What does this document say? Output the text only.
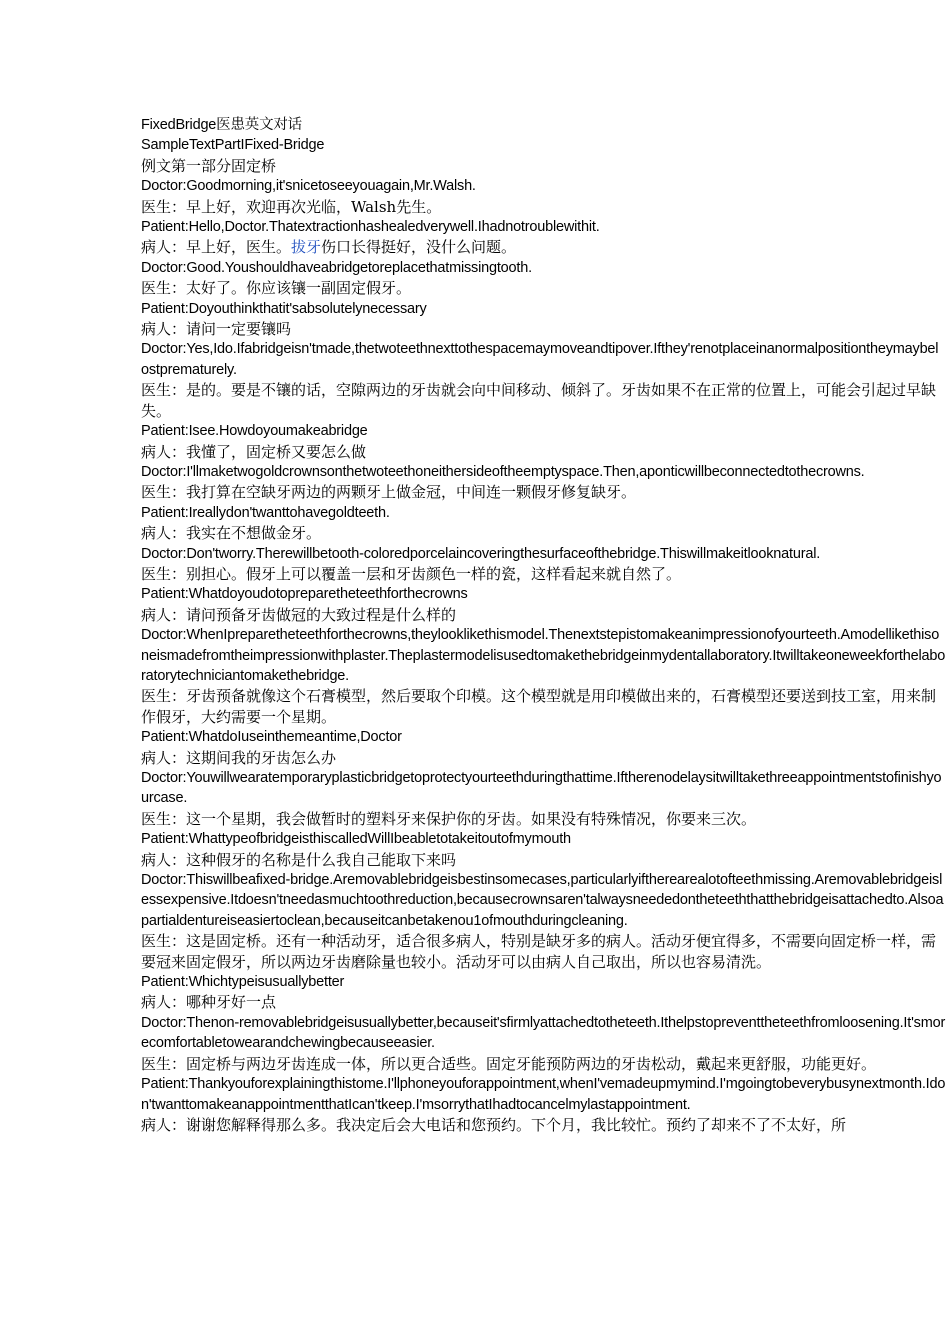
FixedBridge医患英文对话

SampleTextPartIFixed-Bridge

例文第一部分固定桥

Doctor:Goodmorning,it'snicetoseeyouagain,Mr.Walsh.

医生：早上好，欢迎再次光临，Walsh先生。

Patient:Hello,Doctor.Thatextractionhashealedverywell.Ihadnotroublewithit.

病人：早上好，医生。拔牙伤口长得挺好，没什么问题。

Doctor:Good.Youshouldhaveabridgetoreplacethatmissingtooth.

医生：太好了。你应该镶一副固定假牙。

Patient:Doyouthinkthatit'sabsolutelynecessary

病人：请问一定要镶吗

Doctor:Yes,Ido.Ifabridgeisn'tmade,thetwoteethnexttothespacemaymoveandtipover.Ifthey'renotplaceinanormalpositiontheymaybelostprematurely.

医生：是的。要是不镶的话，空隙两边的牙齿就会向中间移动、倾斜了。牙齿如果不在正常的位置上，可能会引起过早缺失。

Patient:Isee.Howdoyoumakeabridge

病人：我懂了，固定桥又要怎么做

Doctor:I'llmaketwogoldcrownsonthetwoteethoneithersideoftheemptyspace.Then,aponticwillbeconnectedtothecrowns.

医生：我打算在空缺牙两边的两颗牙上做金冠，中间连一颗假牙修复缺牙。

Patient:Ireallydon'twanttohavegoldteeth.

病人：我实在不想做金牙。

Doctor:Don'tworry.Therewillbetooth-coloredporcelaincoveringthesurfaceofthebridge.Thiswillmakeitlooknatural.

医生：别担心。假牙上可以覆盖一层和牙齿颜色一样的瓷，这样看起来就自然了。

Patient:Whatdoyoudotopreparetheteethforthecrowns

病人：请问预备牙齿做冠的大致过程是什么样的

Doctor:WhenIpreparetheteethforthecrowns,theylooklikethismodel.Thenextstepistomakeanimpressionofyourteeth.Amodellikethisoneismadefromtheimpressionwithplaster.Theplastermodelisusedtomakethebridgeinmydentallaboratory.Itwilltakeoneweekforthelaboratorytechniciantomakethebridge.

医生：牙齿预备就像这个石膏模型，然后要取个印模。这个模型就是用印模做出来的，石膏模型还要送到技工室，用来制作假牙，大约需要一个星期。

Patient:WhatdoIuseinthemeantime,Doctor

病人：这期间我的牙齿怎么办

Doctor:Youwillwearatemporaryplasticbridgetoprotectyourteethduringthattime.Iftherenodelaysitwilltakethreeappointmentstofinishyourcase.

医生：这一个星期，我会做暂时的塑料牙来保护你的牙齿。如果没有特殊情况，你要来三次。

Patient:WhattypeofbridgeisthiscalledWillIbeabletotakeitoutofmymouth

病人：这种假牙的名称是什么我自己能取下来吗

Doctor:Thiswillbeafixed-bridge.Aremovablebridgeisbestinsomecases,particularlyiftherearealotofteethmissing.Aremovablebridgeislessexpensive.Itdoesn'tneedasmuchtoothreduction,becausecrownsaren'talwaysneededontheteeththatthebridgeisattachedto.Alsoapartialdentureiseasiertoclean,becauseitcanbetakenou1ofmouthduringcleaning.

医生：这是固定桥。还有一种活动牙，适合很多病人，特别是缺牙多的病人。活动牙便宜得多，不需要向固定桥一样，需要冠来固定假牙，所以两边牙齿磨除量也较小。活动牙可以由病人自己取出，所以也容易清洗。

Patient:Whichtypeisusuallybetter

病人：哪种牙好一点

Doctor:Thenon-removablebridgeisusuallybetter,becauseit'sfirmlyattachedtotheteeth.Ithelpstopreventtheteethfromloosening.It'smorecomfortabletowearandchewingbecauseeasier.

医生：固定桥与两边牙齿连成一体，所以更合适些。固定牙能预防两边的牙齿松动，戴起来更舒服，功能更好。

Patient:Thankyouforexplainingthistome.I'llphoneyouforappointment,whenI'vemadeupmymind.I'mgoingtobeverybusynextmonth.Idon'twanttomakeanappointmentthatIcan'tkeep.I'msorrythatIhadtocancelmylastappointment.

病人：谢谢您解释得那么多。我决定后会大电话和您预约。下个月，我比较忙。预约了却来不了不太好，所
